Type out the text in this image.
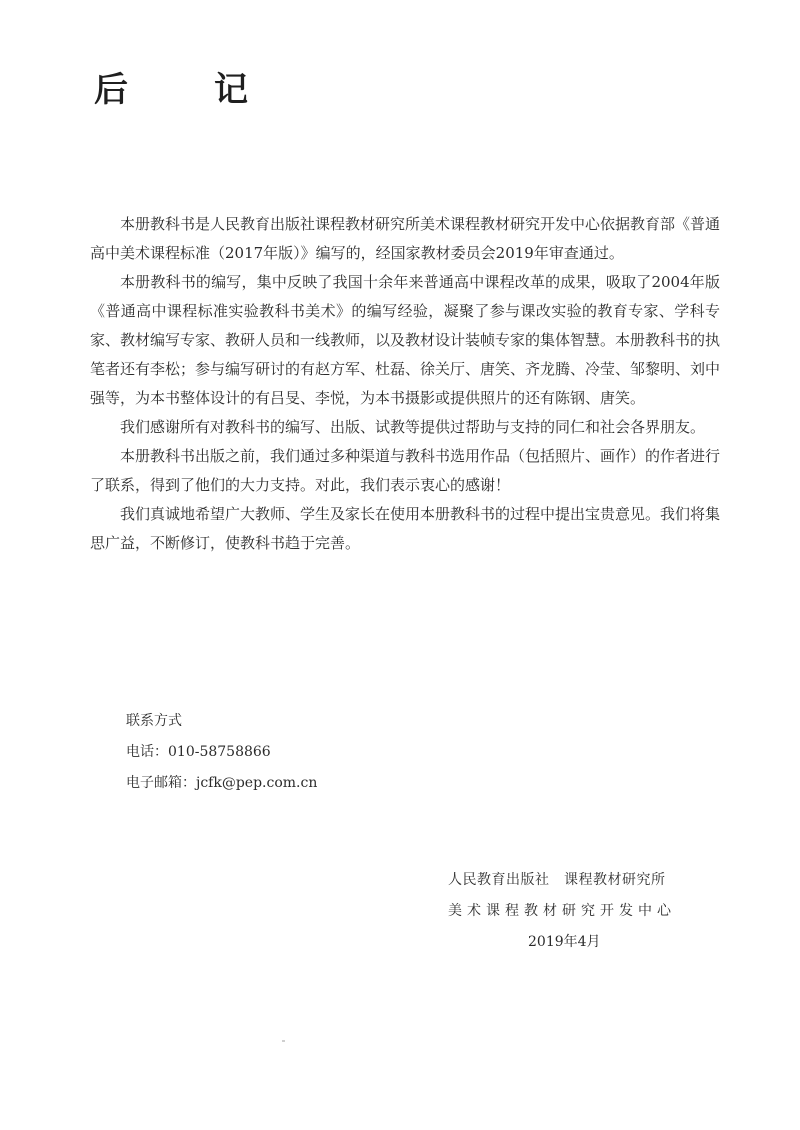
后　记

本册教科书是人民教育出版社课程教材研究所美术课程教材研究开发中心依据教育部《普通高中美术课程标准（2017年版）》编写的，经国家教材委员会2019年审查通过。

本册教科书的编写，集中反映了我国十余年来普通高中课程改革的成果，吸取了2004年版《普通高中课程标准实验教科书美术》的编写经验，凝聚了参与课改实验的教育专家、学科专家、教材编写专家、教研人员和一线教师，以及教材设计装帧专家的集体智慧。本册教科书的执笔者还有李松；参与编写研讨的有赵方军、杜磊、徐关厅、唐笑、齐龙腾、冷莹、邹黎明、刘中强等，为本书整体设计的有吕旻、李悦，为本书摄影或提供照片的还有陈钢、唐笑。

我们感谢所有对教科书的编写、出版、试教等提供过帮助与支持的同仁和社会各界朋友。

本册教科书出版之前，我们通过多种渠道与教科书选用作品（包括照片、画作）的作者进行了联系，得到了他们的大力支持。对此，我们表示衷心的感谢！

我们真诚地希望广大教师、学生及家长在使用本册教科书的过程中提出宝贵意见。我们将集思广益，不断修订，使教科书趋于完善。

联系方式
电话：010-58758866
电子邮箱：jcfk@pep.com.cn
人民教育出版社　课程教材研究所
美术课程教材研究开发中心
2019年4月
